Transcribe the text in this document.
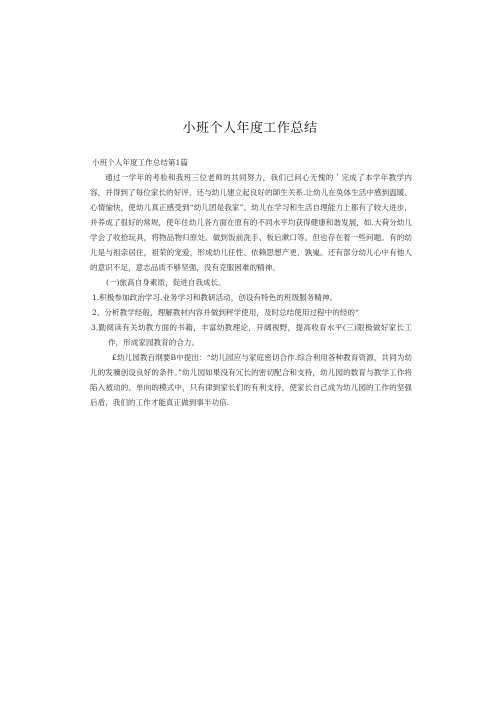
小班个人年度工作总结

小班个人年度工作总结第1篇

通过一学年的考验和我班三位老师的共同努力，我们已问心无愧的＇完成了本学年教学内容，并得到了每位家长的好评，还与幼儿建立起良好的師生关系.让幼儿在奂体生活中感到温暖、心情愉快，使幼儿真正感受到“幼儿团是我家”。幼儿在学习和生活自理能力上都有了较大进步，并养成了很好的常规，使年住幼儿各方面在原有的不同水平均获得健康和谐发展，如.大荷分幼儿学会了收拾玩具，将物品物归原处、做到饭前洗手、板后漱口等。但也存在着一些问题。有的幼儿是与祖亲居住，祖荣的宠爱，形成幼儿任性、依赖思想产更、孰嵬。还有部分幼儿心中有他人的意识不足，意志品质不够坚强，没有克服困难的精神。

(一)旅高自身素质，促进自我成长。

1.积极参加政治学习.业务学习和教研活动，创设有特色的班级服务精神。

2、分析教学经般，理解教材内容并做到秤学使用，及时总结使用过程中的经的“

3,勤阅读有关幼教方面的书籍，丰富幼教理论，开阔视野，提高收育水平(三)限极做好家长工作，形成家园教育的合力。

£幼儿园教百纲要B中提出：“幼儿园应与家庭密切合作.综合利用各种教育资源，共同为幼儿的发骥创设良好的条件。”幼儿园如果没有冗长的密切配合和支持，幼儿园的数育与教学工作将陷入被动的、单向的模式中，只有律到家长们的有利支持，使家长自己成为幼儿园的工作的坚强后盾，我们的工作才能真正做到事半功倍.
